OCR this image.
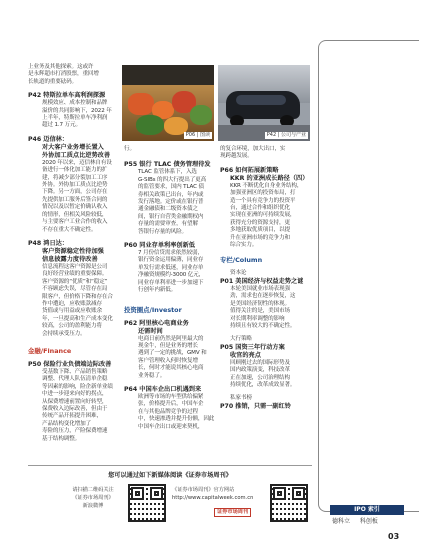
上业务及其他探索。这或许
是永辉超市打消股票，重回增
长轨道的重要砝码。
P42 特斯拉单车高利润探源
规模效应、成本控制和品牌
溢价的共同影响下，2022 年
上半年，特斯拉单车净利润
超过 1.7 万元。
P46 迈信林：
对大客户业务增长置入
外协加工质点比逆势改善
2020 年以来，迈信林自有设
备进行一体化加工能力的扩
建，将减少部分裂加工工序
外协。外协加工质点比逆势
下降。另一方面，公司存在
先提供加工服务后签合同的
情况以及以暂定价确认收入
的情形，但相关风险较低，
与主要客户工业合作的收入
不存在重大不确定性。
P48 鸿日达：
客户资源稳定性待加强
信息披露力度待改善
信息流程这客户资源是公司
良好经营业绩的重要保障。
客户资源的“优质”和“稳定”
不容顾虑失误，尽管存在局
限客户，但价格下降和存在合
作中遭迫，应收账款减存
货值或与用益或应收账余
年，一旦提高和生产成本变化
较高，公司的盈利能力将
会持续承受压力。
金融/Finance
P50 保险行业负债端边际改善
受基数下降、产品销售策略
调整、代理人队伍清单企稳
等因素的影响，险企新单业绩
中进一步迎来向好的拐点，
从保费增速前置向好转型，
保费收入边际改善，但由于
传统产品开拓提升困难，
产品结构变化增加了
寿险的压力，产险保费增速
基于结构调整。
P06 | 图读	P42 | 公司与产业
行。
P55 银行 TLAC 债务管理待发
TLAC 监管体系下，入选
G-SIBs 的四大行提出了更高
的监管要求，国内 TLAC 债
券相关政策已出台，年内或
发行落地。定价或在银行普
通金融债和二级资本债之
间，银行自营类金融期权内
存量的需要审查，有望解
答银行存量的风险。
P60 同业存单利率创新低
7 月份信贷需求依然较弱，
银行资金运用偏薄，同业存
单发行需求低迷，同业存单
净融资规模约-3000 亿元，
同业存单利率进一步加速下
行创年内新低。
投资圈点/Investor
P62 阿里核心电商业务
还需时间
电商日前仍然是阿里最大的
现金牛，但是业务的增长
遇到了一定的挑战，GMV 和
客户管理收入何时恢复增
长，何时才能说其核心电商
业务稳了。
P64 中国车企出口机遇到来
欧洲等市场的车型供给偏紧
张，价格提升后，中国车企
在与其他品牌竞争的过程
中，快速渗透并提升份额，因此
中国车企出口或迎来契机，
的复合环境，加大出口，实
现跨越发展。
P66 如何拓展新策略
KKR 的亚洲成长路径（四）
KKR 不断优化自身业务结构，
加强亚洲区的投资布局，打
造一个具有竞争力的投资平
台，通过合作和组织优化
实现在亚洲的可持续发展，
获得充分的资源支持，更
多地获取优质项目，以提
升在亚洲市场的竞争力和
综合实力。
专栏/Column
资本论
P01 美国经济与权益走势之谜
本轮美国就业市场表现强
劲，需求也在逐步恢复，这
是美国经济韧性的体现。
值得关注的是，美国市场
对长期利率调整的影响
持续且有较大的不确定性。
大行策略
P05 国资三年行动方案
收官的亮点
回顾刚过去的国际形势及
国内政策演变，科技改革
正在加速，公司治理结构
持续优化，改革成效显著。
私家书榜
P70 推销，只需一副红铃
IPO 索引
德科立 科创板
您可以通过如下新媒体阅读《证券市场周刊》
请扫描二维码关注
《证券市场周刊》
新浪微博
《证券市场周刊》官方网站
http://www.capitalweek.com.cn
证券市场周刊
03
